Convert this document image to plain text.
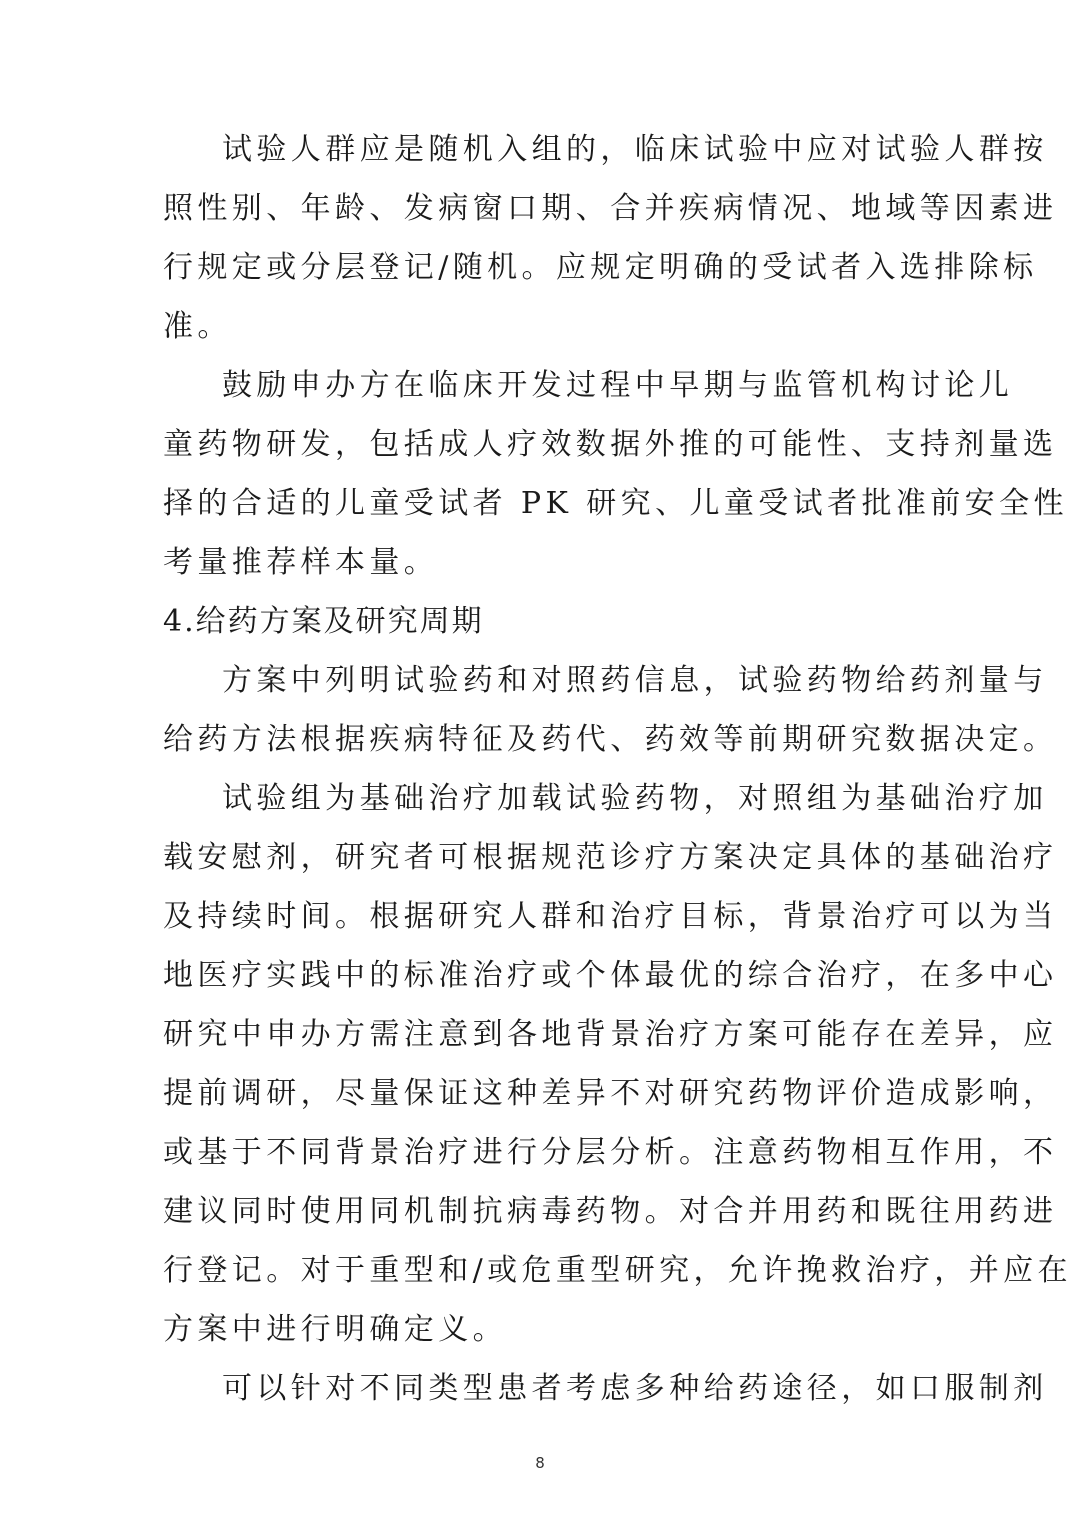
试验人群应是随机入组的，临床试验中应对试验人群按

照性别、年龄、发病窗口期、合并疾病情况、地域等因素进

行规定或分层登记/随机。应规定明确的受试者入选排除标

准。

鼓励申办方在临床开发过程中早期与监管机构讨论儿

童药物研发，包括成人疗效数据外推的可能性、支持剂量选

择的合适的儿童受试者 PK 研究、儿童受试者批准前安全性

考量推荐样本量。

4.给药方案及研究周期

方案中列明试验药和对照药信息，试验药物给药剂量与

给药方法根据疾病特征及药代、药效等前期研究数据决定。

试验组为基础治疗加载试验药物，对照组为基础治疗加

载安慰剂，研究者可根据规范诊疗方案决定具体的基础治疗

及持续时间。根据研究人群和治疗目标，背景治疗可以为当

地医疗实践中的标准治疗或个体最优的综合治疗，在多中心

研究中申办方需注意到各地背景治疗方案可能存在差异，应

提前调研，尽量保证这种差异不对研究药物评价造成影响，

或基于不同背景治疗进行分层分析。注意药物相互作用，不

建议同时使用同机制抗病毒药物。对合并用药和既往用药进

行登记。对于重型和/或危重型研究，允许挽救治疗，并应在

方案中进行明确定义。

可以针对不同类型患者考虑多种给药途径，如口服制剂

8
